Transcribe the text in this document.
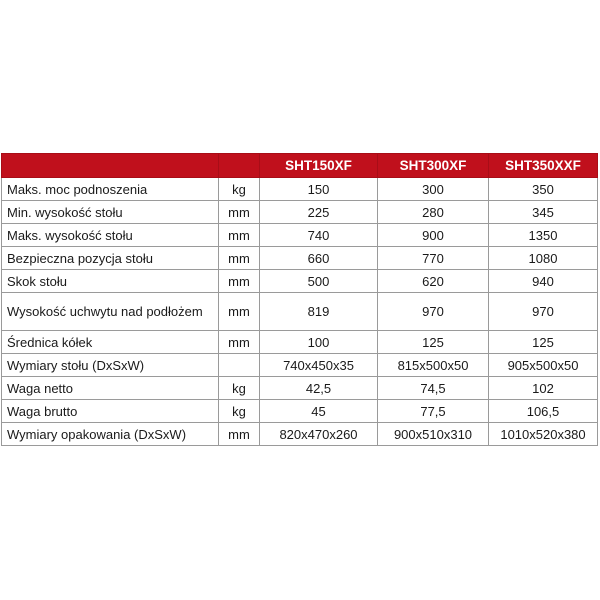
		SHT150XF	SHT300XF	SHT350XXF
Maks. moc podnoszenia	kg	150	300	350
Min. wysokość stołu	mm	225	280	345
Maks. wysokość stołu	mm	740	900	1350
Bezpieczna pozycja stołu	mm	660	770	1080
Skok stołu	mm	500	620	940
Wysokość uchwytu nad podłożem	mm	819	970	970
Średnica kółek	mm	100	125	125
Wymiary stołu (DxSxW)		740x450x35	815x500x50	905x500x50
Waga netto	kg	42,5	74,5	102
Waga brutto	kg	45	77,5	106,5
Wymiary opakowania (DxSxW)	mm	820x470x260	900x510x310	1010x520x380
